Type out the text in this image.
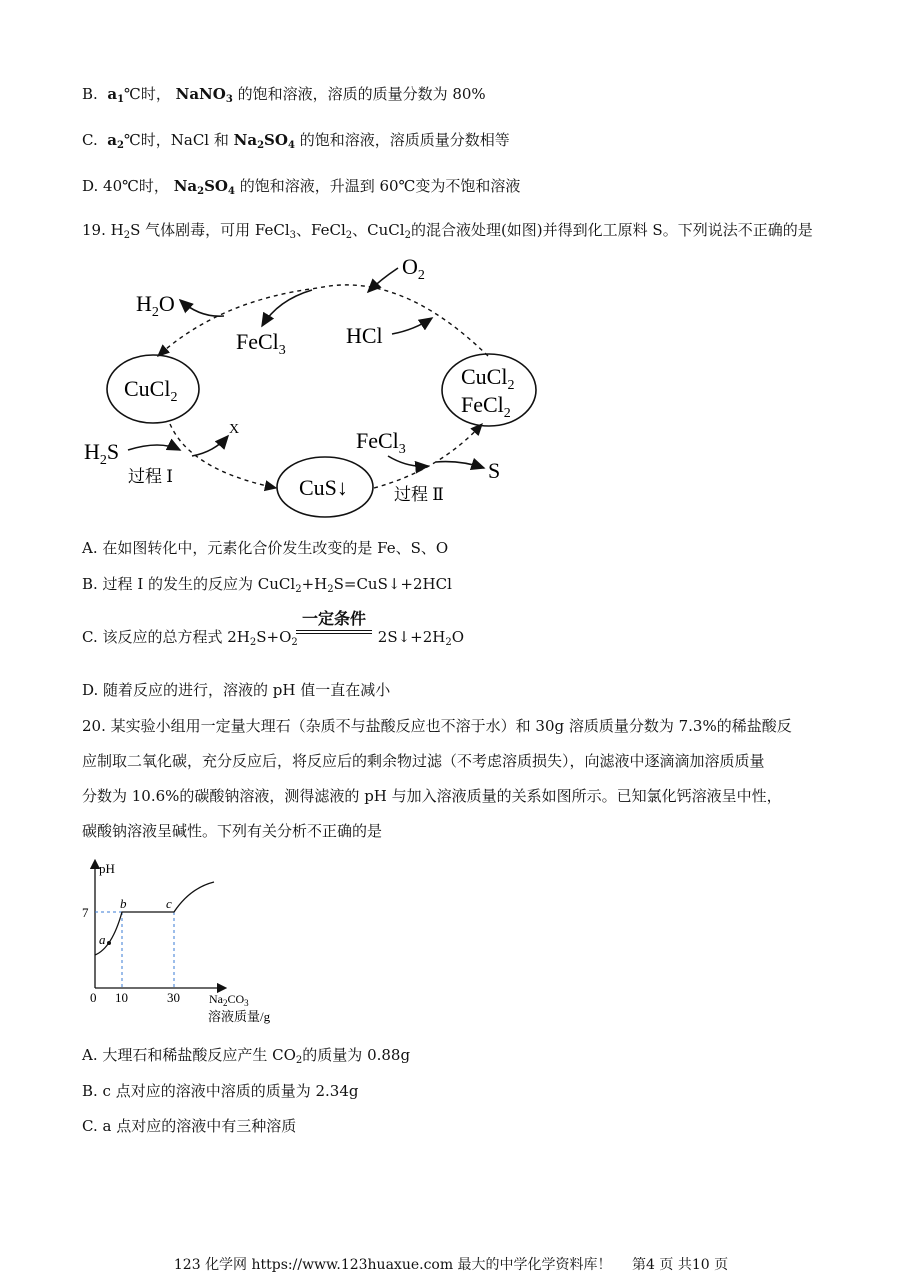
B. $a_1℃$时， NaNO$_3$ 的饱和溶液，溶质的质量分数为 80%
C. $a_2℃$时，NaCl 和 $Na_2SO_4$ 的饱和溶液，溶质质量分数相等
D. 40℃时， $Na_2SO_4$ 的饱和溶液，升温到 60℃变为不饱和溶液
19. $H_2S$ 气体剧毒，可用 FeCl$_3$、FeCl$_2$、CuCl$_2$的混合液处理(如图)并得到化工原料 S。下列说法不正确的是
$O_2$
$H_2O$
FeCl$_3$
HCl
CuCl$_2$
CuCl$_2$
FeCl$_2$
$H_2S$
过程 Ⅰ
X
CuS↓
FeCl$_3$
S
过程 Ⅱ
A. 在如图转化中，元素化合价发生改变的是 Fe、S、O
B. 过程 I 的发生的反应为 $CuCl_2+H_2S=CuS↓+2HCl$
C. 该反应的总方程式 $2H_2S+O_2$	$2S↓+2H_2O$
一定条件
D. 随着反应的进行，溶液的 pH 值一直在减小
20. 某实验小组用一定量大理石（杂质不与盐酸反应也不溶于水）和 30g 溶质质量分数为 7.3%的稀盐酸反
应制取二氧化碳，充分反应后，将反应后的剩余物过滤（不考虑溶质损失），向滤液中逐滴滴加溶质质量
分数为 10.6%的碳酸钠溶液，测得滤液的 pH 与加入溶液质量的关系如图所示。已知氯化钙溶液呈中性，
碳酸钠溶液呈碱性。下列有关分析不正确的是
pH
7
0 10	30
a
b	c
$Na_2CO_3$
溶液质量/g
A. 大理石和稀盐酸反应产生 $CO_2$的质量为 0.88g
B. c 点对应的溶液中溶质的质量为 2.34g
C. a 点对应的溶液中有三种溶质
123 化学网 https://www.123huaxue.com 最大的中学化学资料库！ 第4 页 共10 页
